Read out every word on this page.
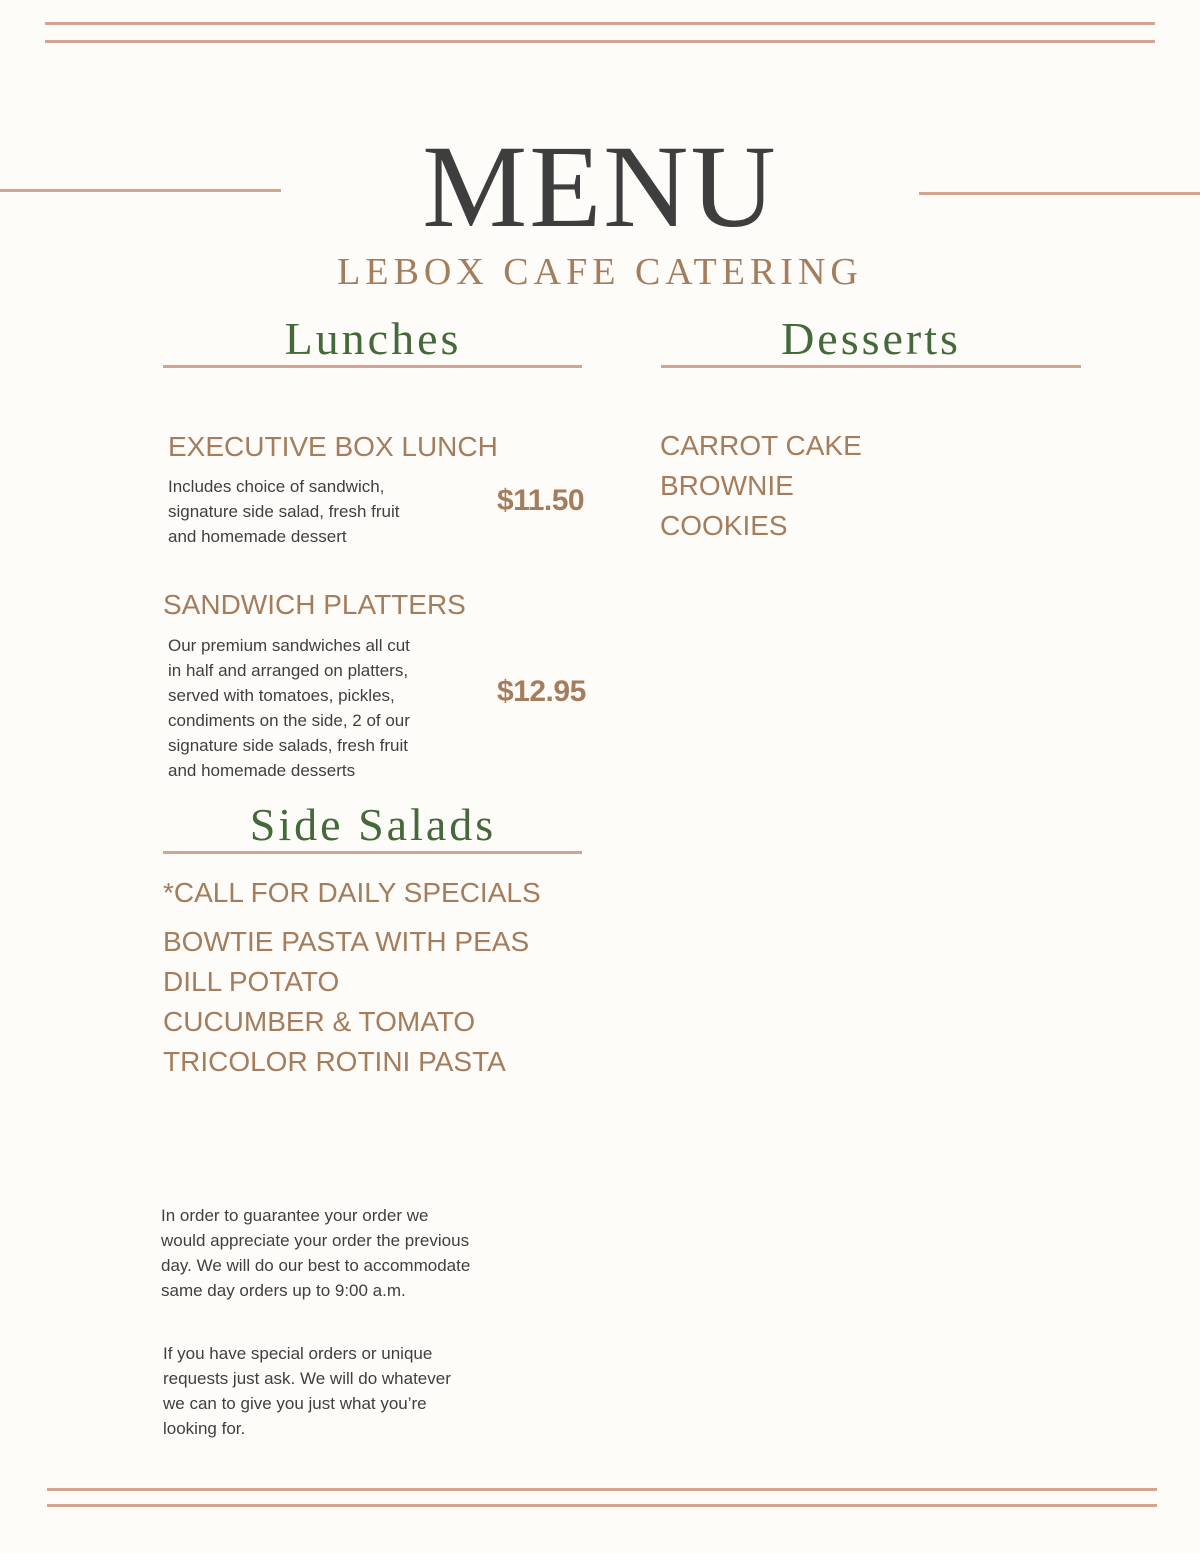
MENU
LEBOX CAFE CATERING
Lunches
EXECUTIVE BOX LUNCH
Includes choice of sandwich,
signature side salad, fresh fruit
and homemade dessert
$11.50
SANDWICH PLATTERS
Our premium sandwiches all cut
in half and arranged on platters,
served with tomatoes, pickles,
condiments on the side, 2 of our
signature side salads, fresh fruit
and homemade desserts
$12.95
Desserts
CARROT CAKE
BROWNIE
COOKIES
Side Salads
*CALL FOR DAILY SPECIALS
BOWTIE PASTA WITH PEAS
DILL POTATO
CUCUMBER & TOMATO
TRICOLOR ROTINI PASTA
In order to guarantee your order we
would appreciate your order the previous
day. We will do our best to accommodate
same day orders up to 9:00 a.m.
If you have special orders or unique
requests just ask. We will do whatever
we can to give you just what you’re
looking for.
